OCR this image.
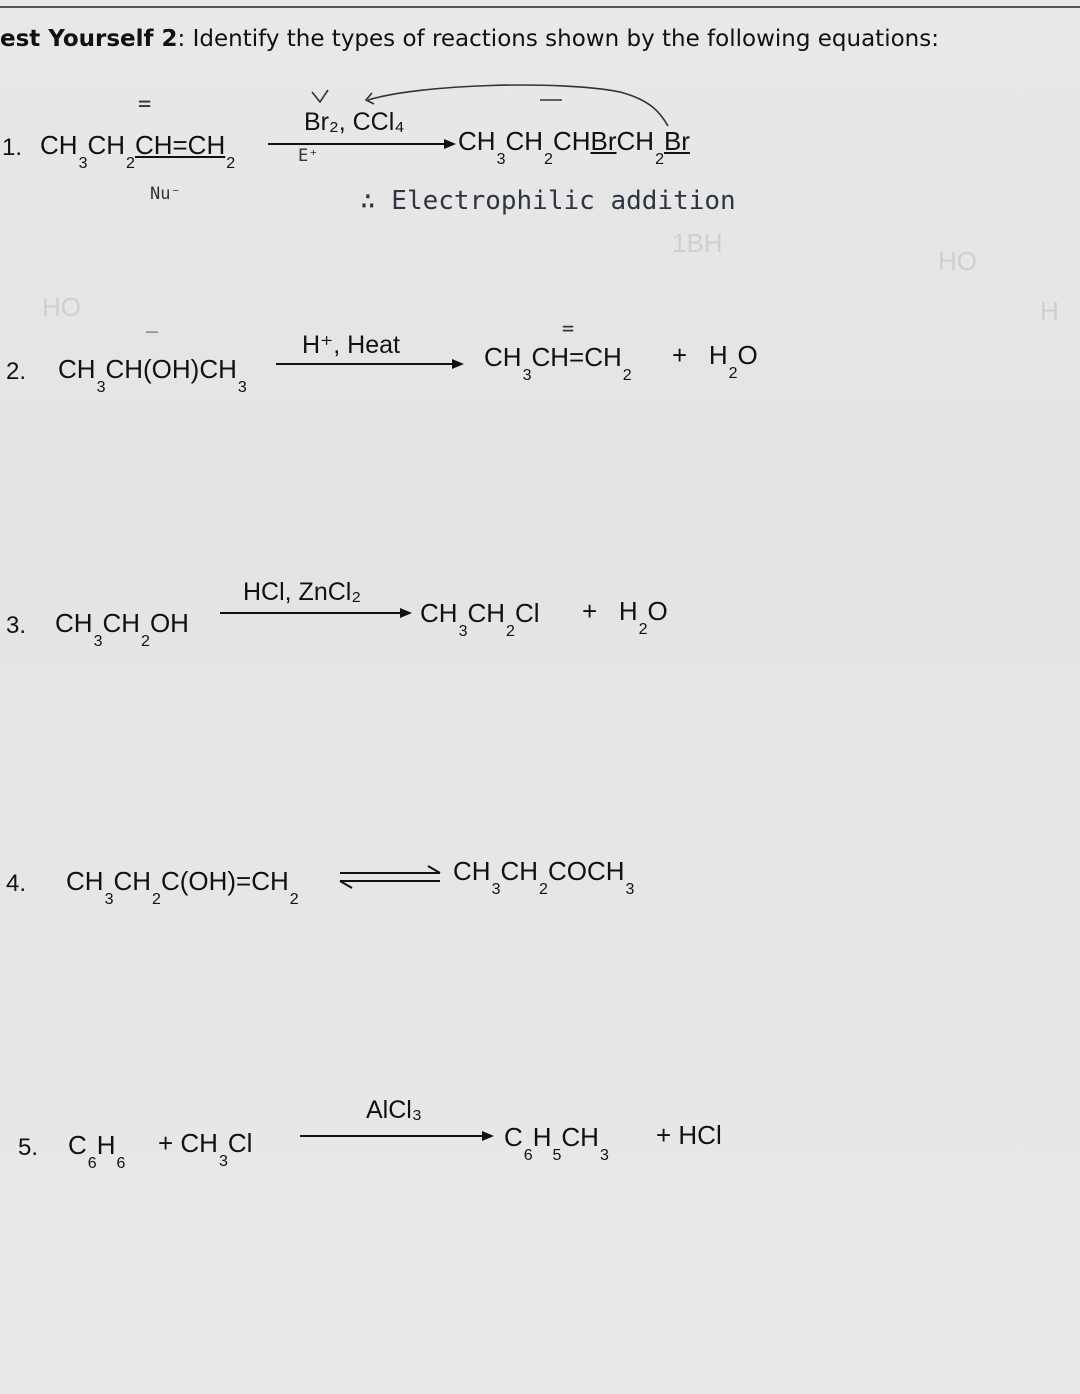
est Yourself 2: Identify the types of reactions shown by the following equations:
1BH
HO
HO	H
1. $CH_3CH_2CH=CH_2$
=
Nu⁻
Br₂, CCl₄
E⁺	$CH_3CH_2CHBrCH_2Br$
∴ Electrophilic addition
2. $CH_3CH(OH)CH_3$
‾	H⁺, Heat	$CH_3CH=CH_2$
=
+   $H_2O$
3. $CH_3CH_2OH$
HCl, ZnCl₂
$CH_3CH_2Cl + H_2O$
4. $CH_3CH_2C(OH)=CH_2$
$CH_3CH_2COCH_3$
5. $C_6H_6$
+ $CH_3Cl$
AlCl₃
$C_6H_5CH_3$
+ HCl
